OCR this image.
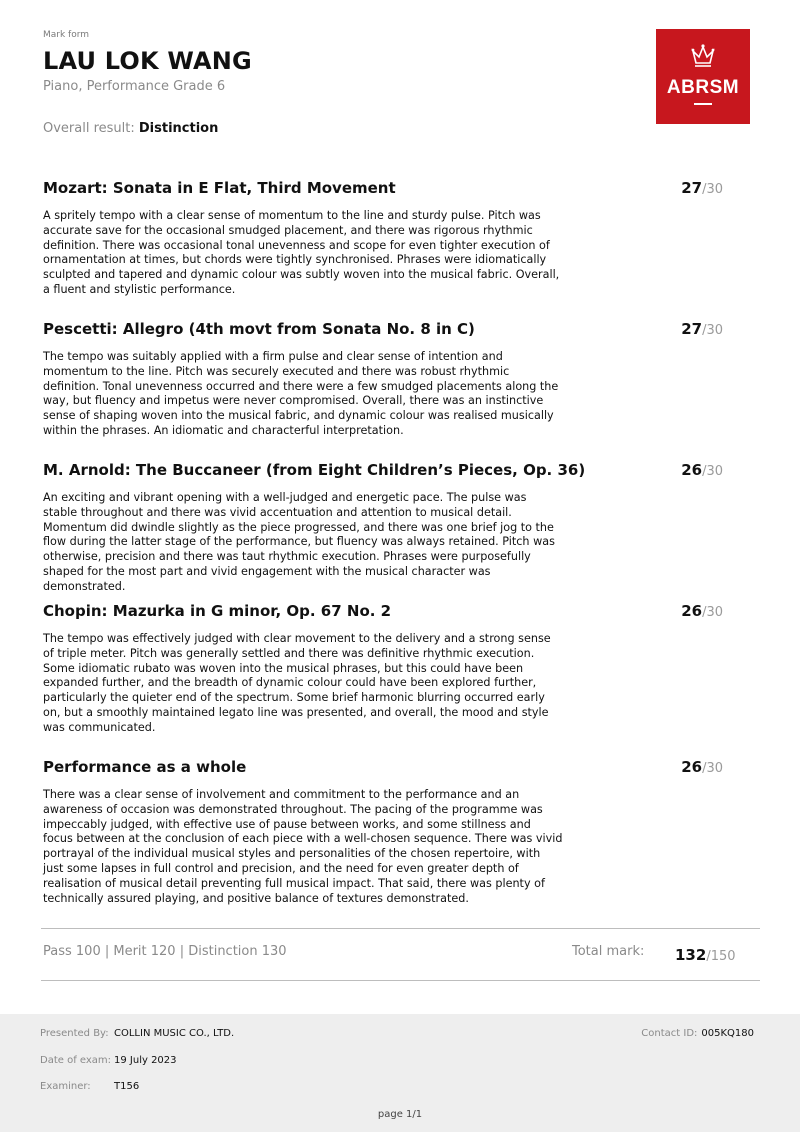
Mark form
LAU LOK WANG
Piano, Performance Grade 6
Overall result: Distinction
ABRSM
Mozart: Sonata in E Flat, Third Movement	27/30
A spritely tempo with a clear sense of momentum to the line and sturdy pulse. Pitch was accurate save for the occasional smudged placement, and there was rigorous rhythmic definition. There was occasional tonal unevenness and scope for even tighter execution of ornamentation at times, but chords were tightly synchronised. Phrases were idiomatically sculpted and tapered and dynamic colour was subtly woven into the musical fabric. Overall, a fluent and stylistic performance.
Pescetti: Allegro (4th movt from Sonata No. 8 in C)	27/30
The tempo was suitably applied with a firm pulse and clear sense of intention and momentum to the line. Pitch was securely executed and there was robust rhythmic definition. Tonal unevenness occurred and there were a few smudged placements along the way, but fluency and impetus were never compromised. Overall, there was an instinctive sense of shaping woven into the musical fabric, and dynamic colour was realised musically within the phrases. An idiomatic and characterful interpretation.
M. Arnold: The Buccaneer (from Eight Children’s Pieces, Op. 36)	26/30
An exciting and vibrant opening with a well-judged and energetic pace. The pulse was stable throughout and there was vivid accentuation and attention to musical detail. Momentum did dwindle slightly as the piece progressed, and there was one brief jog to the flow during the latter stage of the performance, but fluency was always retained. Pitch was otherwise, precision and there was taut rhythmic execution. Phrases were purposefully shaped for the most part and vivid engagement with the musical character was demonstrated.
Chopin: Mazurka in G minor, Op. 67 No. 2	26/30
The tempo was effectively judged with clear movement to the delivery and a strong sense of triple meter. Pitch was generally settled and there was definitive rhythmic execution. Some idiomatic rubato was woven into the musical phrases, but this could have been expanded further, and the breadth of dynamic colour could have been explored further, particularly the quieter end of the spectrum. Some brief harmonic blurring occurred early on, but a smoothly maintained legato line was presented, and overall, the mood and style was communicated.
Performance as a whole	26/30
There was a clear sense of involvement and commitment to the performance and an awareness of occasion was demonstrated throughout. The pacing of the programme was impeccably judged, with effective use of pause between works, and some stillness and focus between at the conclusion of each piece with a well-chosen sequence. There was vivid portrayal of the individual musical styles and personalities of the chosen repertoire, with just some lapses in full control and precision, and the need for even greater depth of realisation of musical detail preventing full musical impact. That said, there was plenty of technically assured playing, and positive balance of textures demonstrated.
Pass 100 | Merit 120 | Distinction 130	Total mark: 132/150
Presented By: COLLIN MUSIC CO., LTD.
Date of exam: 19 July 2023
Examiner: T156
Contact ID: 005KQ180
page 1/1
